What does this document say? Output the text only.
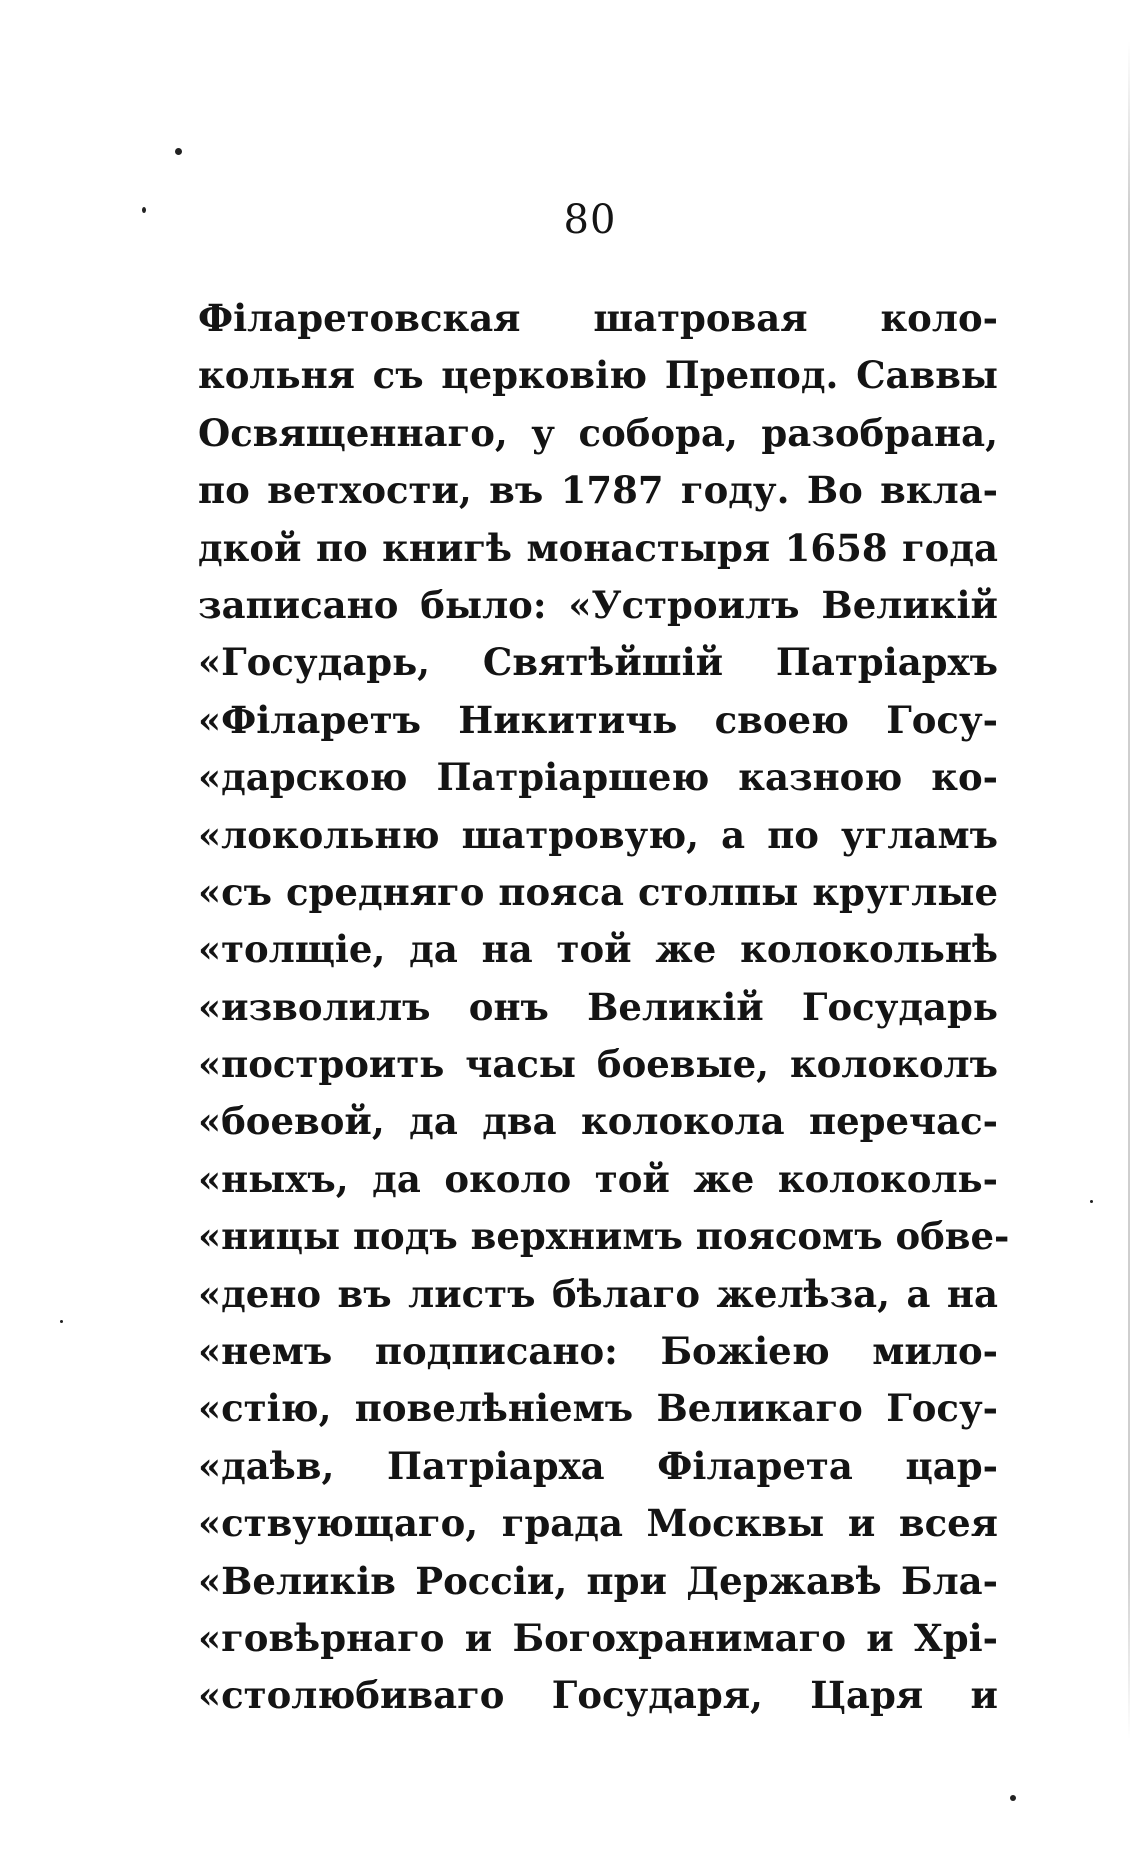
80
Філаретовская шатровая коло-
кольня съ церковію Препод. Саввы
Освященнаго, у собора, разобрана,
по ветхости, въ 1787 году. Во вкла-
дкой по книгѣ монастыря 1658 года
записано было: «Устроилъ Великій
«Государь, Святѣйшій Патріархъ
«Філаретъ Никитичь своею Госу-
«дарскою Патріаршею казною ко-
«локольню шатровую, а по угламъ
«съ средняго пояса столпы круглые
«толщіе, да на той же колокольнѣ
«изволилъ онъ Великій Государь
«построить часы боевые, колоколъ
«боевой, да два колокола перечас-
«ныхъ, да около той же колоколь-
«ницы подъ верхнимъ поясомъ обве-
«дено въ листъ бѣлаго желѣза, а на
«немъ подписано: Божіею мило-
«стію, повелѣніемъ Великаго Госу-
«даѣв, Патріарха Філарета цар-
«ствующаго, града Москвы и всея
«Великів Россіи, при Державѣ Бла-
«говѣрнаго и Богохранимаго и Хрі-
«столюбиваго Государя, Царя и
